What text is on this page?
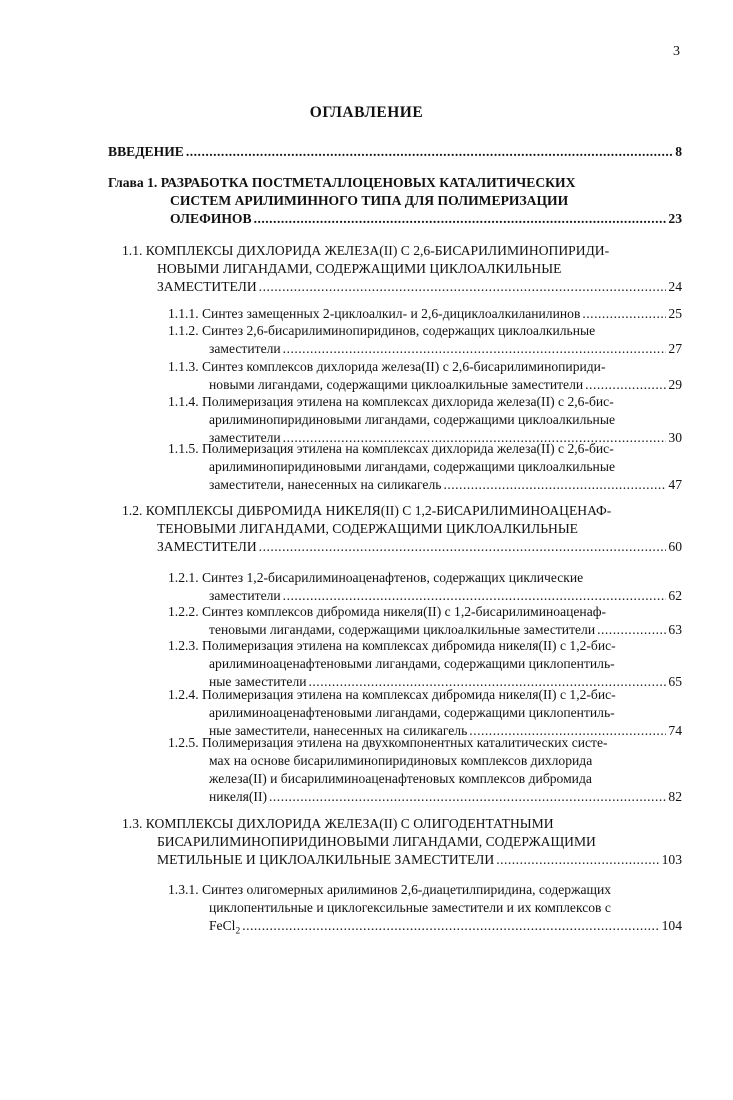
3
ОГЛАВЛЕНИЕ
ВВЕДЕНИЕ .....	8
Глава 1.
РАЗРАБОТКА ПОСТМЕТАЛЛОЦЕНОВЫХ КАТАЛИТИЧЕСКИХ
СИСТЕМ АРИЛИМИННОГО ТИПА ДЛЯ ПОЛИМЕРИЗАЦИИ
ОЛЕФИНОВ .....	23
1.1. КОМПЛЕКСЫ ДИХЛОРИДА ЖЕЛЕЗА(II) С 2,6-БИСАРИЛИМИНОПИРИДИ-
НОВЫМИ ЛИГАНДАМИ, СОДЕРЖАЩИМИ ЦИКЛОАЛКИЛЬНЫЕ
ЗАМЕСТИТЕЛИ .....	24
1.1.1. Синтез замещенных 2-циклоалкил- и 2,6-дициклоалкиланилинов .....	25
1.1.2. Синтез 2,6-бисарилиминопиридинов, содержащих циклоалкильные
заместители .....	27
1.1.3. Синтез комплексов дихлорида железа(II) с 2,6-бисарилиминопириди-
новыми лигандами, содержащими циклоалкильные заместители .....	29
1.1.4. Полимеризация этилена на комплексах дихлорида железа(II) с 2,6-бис-
арилиминопиридиновыми лигандами, содержащими циклоалкильные
заместители .....	30
1.1.5. Полимеризация этилена на комплексах дихлорида железа(II) с 2,6-бис-
арилиминопиридиновыми лигандами, содержащими циклоалкильные
заместители, нанесенных на силикагель .....	47
1.2. КОМПЛЕКСЫ ДИБРОМИДА НИКЕЛЯ(II) С 1,2-БИСАРИЛИМИНОАЦЕНАФ-
ТЕНОВЫМИ ЛИГАНДАМИ, СОДЕРЖАЩИМИ ЦИКЛОАЛКИЛЬНЫЕ
ЗАМЕСТИТЕЛИ .....	60
1.2.1. Синтез 1,2-бисарилиминоаценафтенов, содержащих циклические
заместители .....	62
1.2.2. Синтез комплексов дибромида никеля(II) с 1,2-бисарилиминоаценаф-
теновыми лигандами, содержащими циклоалкильные заместители .....	63
1.2.3. Полимеризация этилена на комплексах дибромида никеля(II) с 1,2-бис-
арилиминоаценафтеновыми лигандами, содержащими циклопентиль-
ные заместители .....	65
1.2.4. Полимеризация этилена на комплексах дибромида никеля(II) с 1,2-бис-
арилиминоаценафтеновыми лигандами, содержащими циклопентиль-
ные заместители, нанесенных на силикагель .....	74
1.2.5. Полимеризация этилена на двухкомпонентных каталитических систе-
мах на основе бисарилиминопиридиновых комплексов дихлорида
железа(II) и бисарилиминоаценафтеновых комплексов дибромида
никеля(II) .....	82
1.3. КОМПЛЕКСЫ ДИХЛОРИДА ЖЕЛЕЗА(II) С ОЛИГОДЕНТАТНЫМИ
БИСАРИЛИМИНОПИРИДИНОВЫМИ ЛИГАНДАМИ, СОДЕРЖАЩИМИ
МЕТИЛЬНЫЕ И ЦИКЛОАЛКИЛЬНЫЕ ЗАМЕСТИТЕЛИ .....	103
1.3.1. Синтез олигомерных арилиминов 2,6-диацетилпиридина, содержащих
циклопентильные и циклогексильные заместители и их комплексов с
FeCl$_2$ .....	104
